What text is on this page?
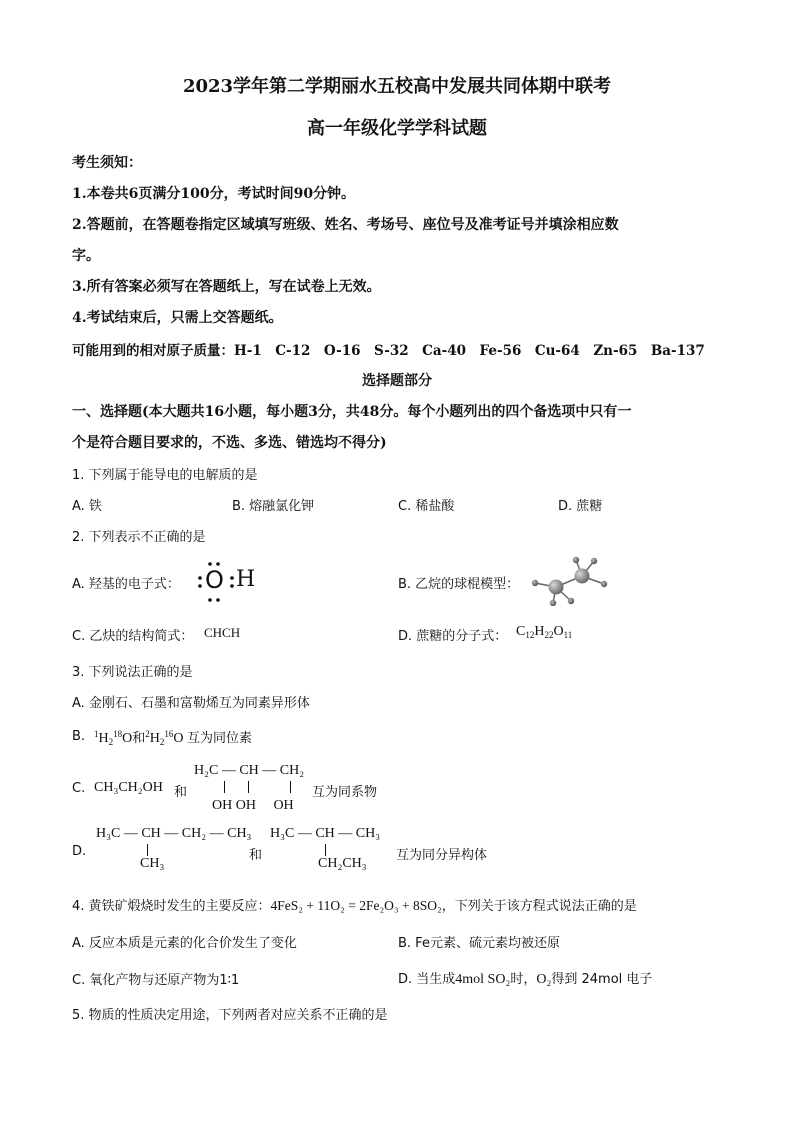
2023学年第二学期丽水五校高中发展共同体期中联考
高一年级化学学科试题
考生须知：
1.本卷共6页满分100分，考试时间90分钟。
2.答题前，在答题卷指定区域填写班级、姓名、考场号、座位号及准考证号并填涂相应数
字。
3.所有答案必须写在答题纸上，写在试卷上无效。
4.考试结束后，只需上交答题纸。
可能用到的相对原子质量：H-1　C-12　O-16　S-32　Ca-40　Fe-56　Cu-64　Zn-65　Ba-137
选择题部分
一、选择题(本大题共16小题，每小题3分，共48分。每个小题列出的四个备选项中只有一
个是符合题目要求的，不选、多选、错选均不得分)
1. 下列属于能导电的电解质的是
A. 铁	B. 熔融氯化钾	C. 稀盐酸	D. 蔗糖
2. 下列表示不正确的是
A. 羟基的电子式： O H	B. 乙烷的球棍模型：
C. 乙炔的结构简式： CHCH	D. 蔗糖的分子式： $C_{12}H_{22}O_{11}$
3. 下列说法正确的是
A. 金刚石、石墨和富勒烯互为同素异形体
B. $^1H_2^{18}O$和$^2H_2^{16}O$ 互为同位素
C. CH₃CH₂OH 和
H₂C — CH — CH₂
OH OH　 OH
互为同系物
D.
H₃C — CH — CH₂ — CH₃
CH₃
和
H₃C — CH — CH₃
CH₂CH₃
互为同分异构体
4. 黄铁矿煅烧时发生的主要反应：4FeS₂ + 11O₂ = 2Fe₂O₃ + 8SO₂，下列关于该方程式说法正确的是
A. 反应本质是元素的化合价发生了变化	B. Fe元素、硫元素均被还原
C. 氧化产物与还原产物为1∶1	D. 当生成4mol SO₂时，O₂得到 24mol 电子
5. 物质的性质决定用途，下列两者对应关系不正确的是
